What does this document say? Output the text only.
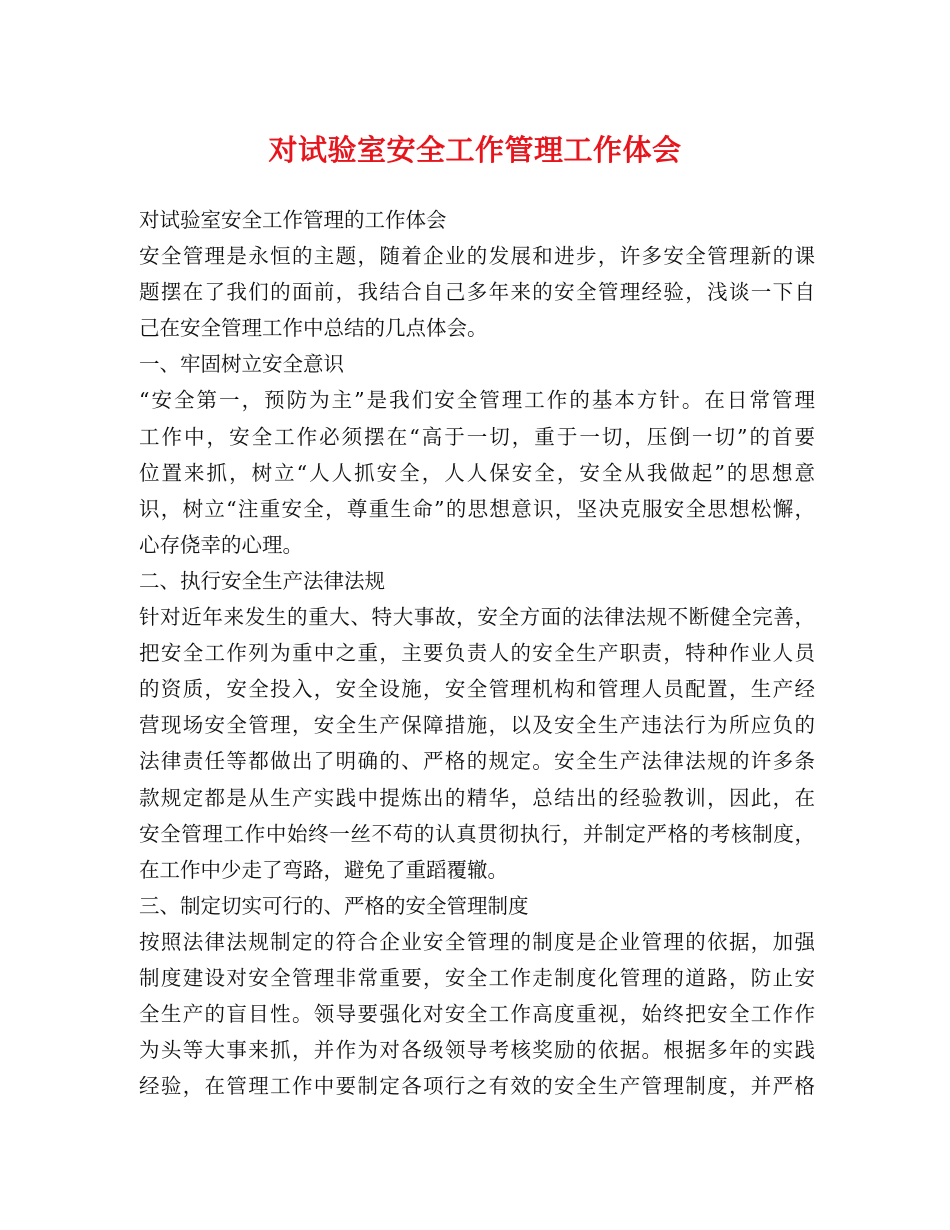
对试验室安全工作管理工作体会
对试验室安全工作管理的工作体会
安全管理是永恒的主题，随着企业的发展和进步，许多安全管理新的课
题摆在了我们的面前，我结合自己多年来的安全管理经验，浅谈一下自
己在安全管理工作中总结的几点体会。
一、牢固树立安全意识
“安全第一，预防为主”是我们安全管理工作的基本方针。在日常管理
工作中，安全工作必须摆在“高于一切，重于一切，压倒一切”的首要
位置来抓，树立“人人抓安全，人人保安全，安全从我做起”的思想意
识，树立“注重安全，尊重生命”的思想意识，坚决克服安全思想松懈，
心存侥幸的心理。
二、执行安全生产法律法规
针对近年来发生的重大、特大事故，安全方面的法律法规不断健全完善，
把安全工作列为重中之重，主要负责人的安全生产职责，特种作业人员
的资质，安全投入，安全设施，安全管理机构和管理人员配置，生产经
营现场安全管理，安全生产保障措施，以及安全生产违法行为所应负的
法律责任等都做出了明确的、严格的规定。安全生产法律法规的许多条
款规定都是从生产实践中提炼出的精华，总结出的经验教训，因此，在
安全管理工作中始终一丝不苟的认真贯彻执行，并制定严格的考核制度，
在工作中少走了弯路，避免了重蹈覆辙。
三、制定切实可行的、严格的安全管理制度
按照法律法规制定的符合企业安全管理的制度是企业管理的依据，加强
制度建设对安全管理非常重要，安全工作走制度化管理的道路，防止安
全生产的盲目性。领导要强化对安全工作高度重视，始终把安全工作作
为头等大事来抓，并作为对各级领导考核奖励的依据。根据多年的实践
经验，在管理工作中要制定各项行之有效的安全生产管理制度，并严格
